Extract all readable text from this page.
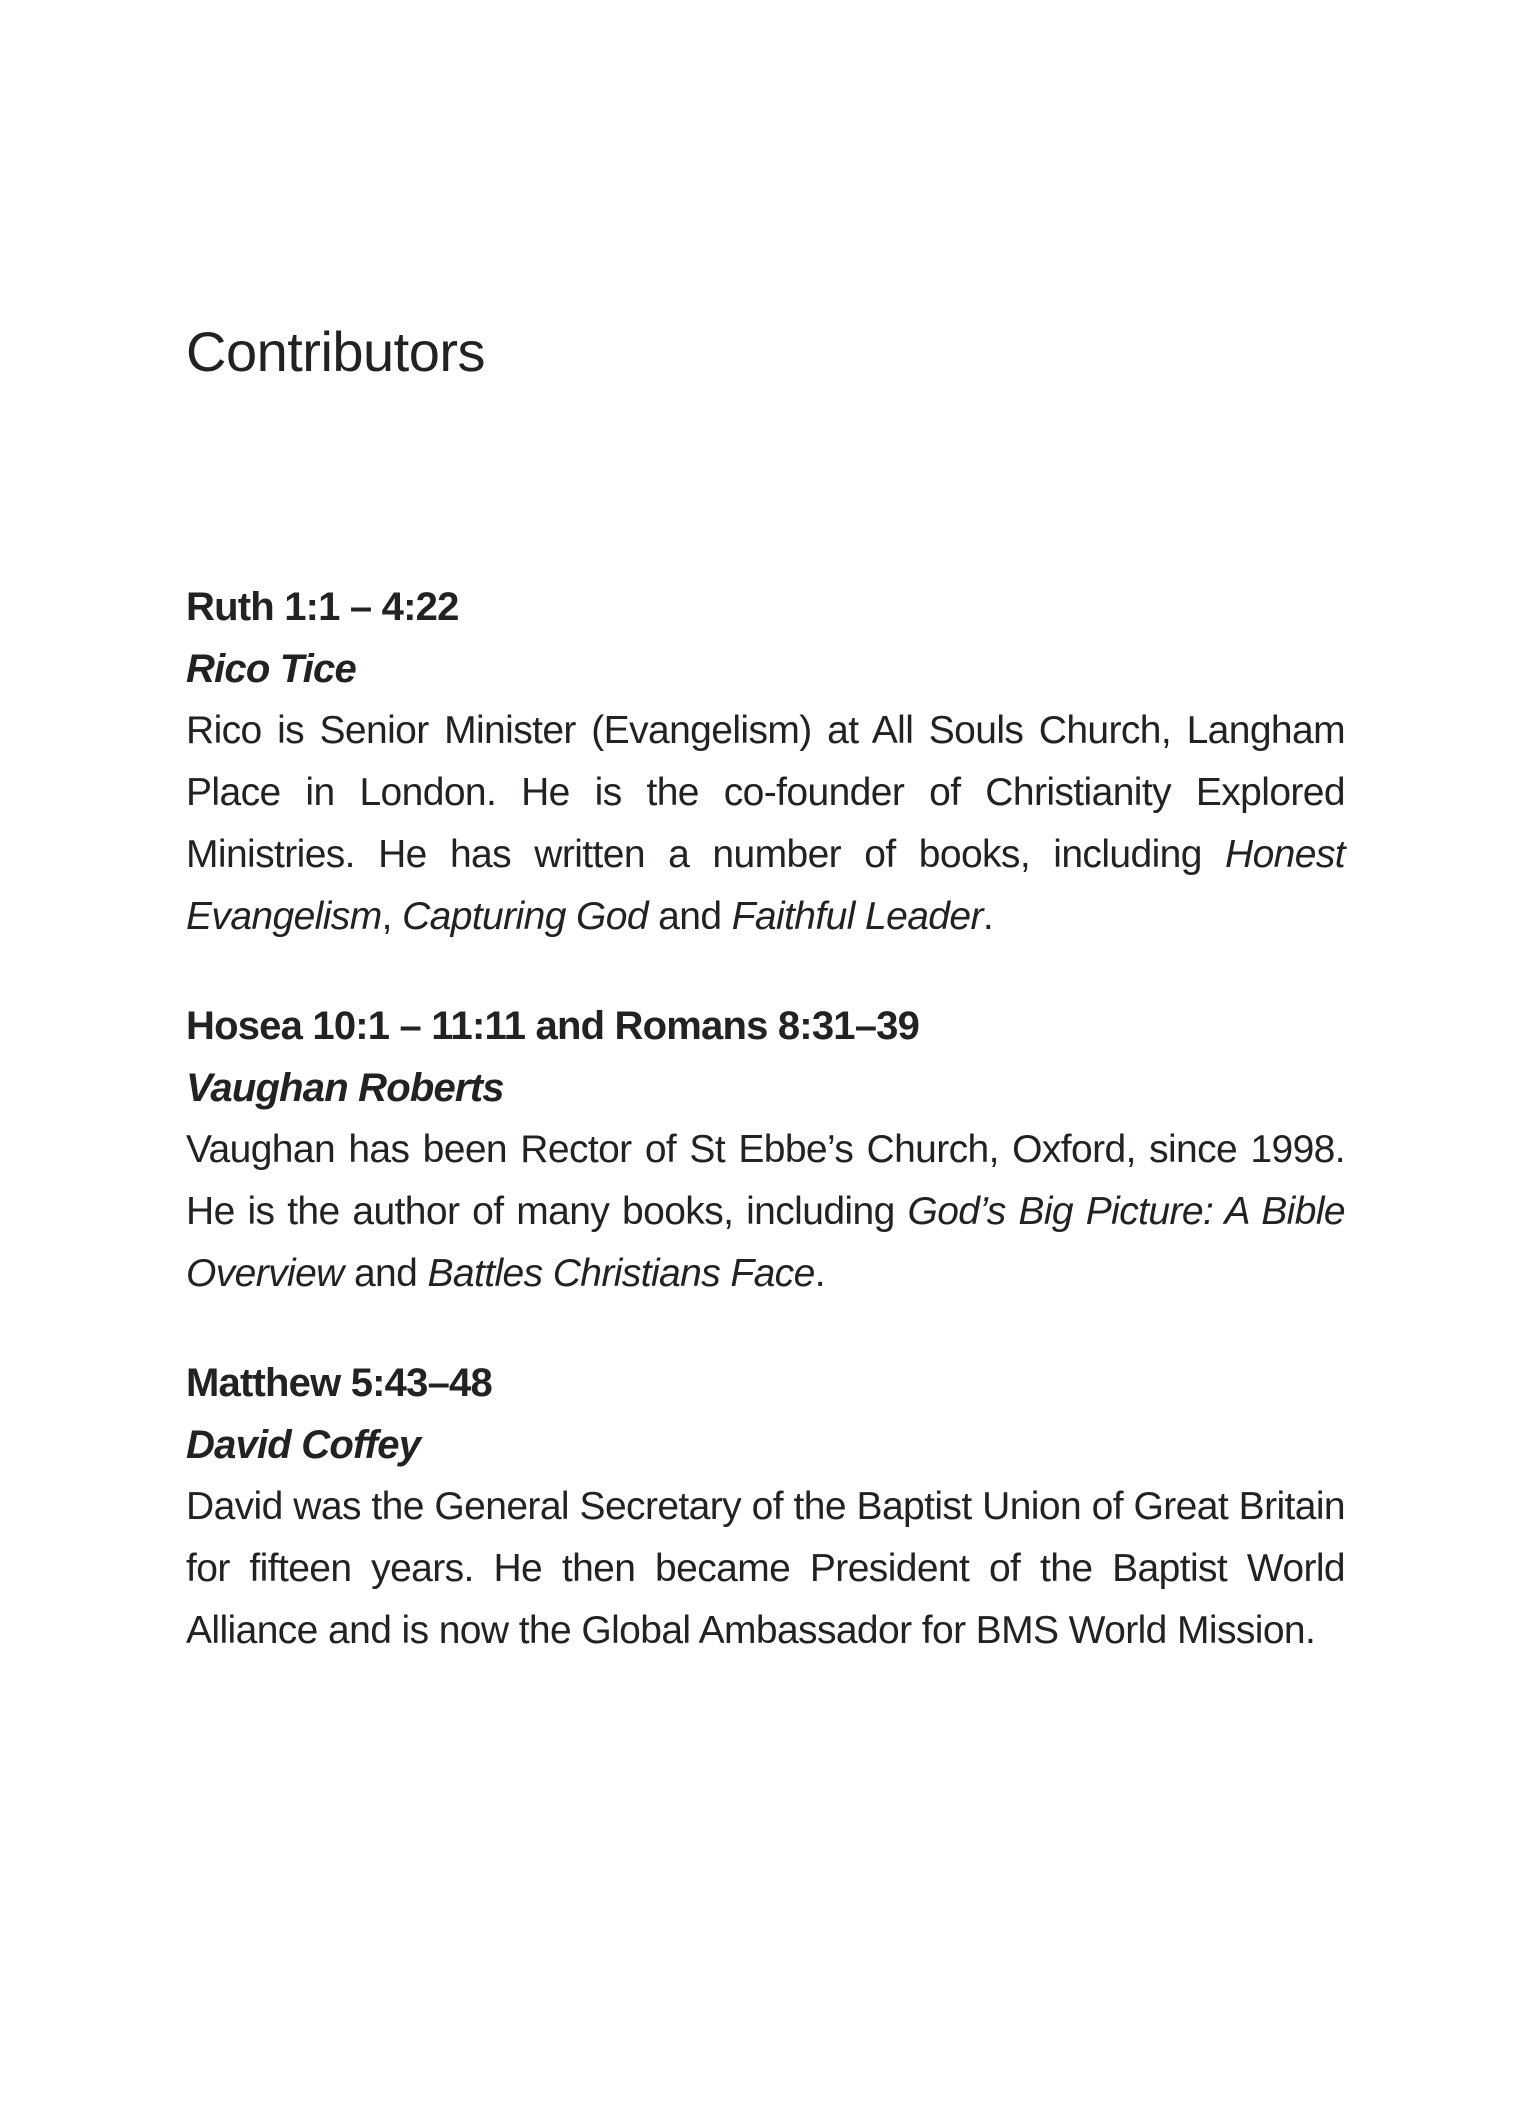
Contributors
Ruth 1:1 – 4:22
Rico Tice

Rico is Senior Minister (Evangelism) at All Souls Church, Langham Place in London. He is the co-founder of Christianity Explored Ministries. He has written a number of books, including Honest Evangelism, Capturing God and Faithful Leader.

Hosea 10:1 – 11:11 and Romans 8:31–39
Vaughan Roberts

Vaughan has been Rector of St Ebbe’s Church, Oxford, since 1998. He is the author of many books, including God’s Big Picture: A Bible Overview and Battles Christians Face.

Matthew 5:43–48
David Coffey

David was the General Secretary of the Baptist Union of Great Britain for fifteen years. He then became President of the Baptist World Alliance and is now the Global Ambassador for BMS World Mission.
